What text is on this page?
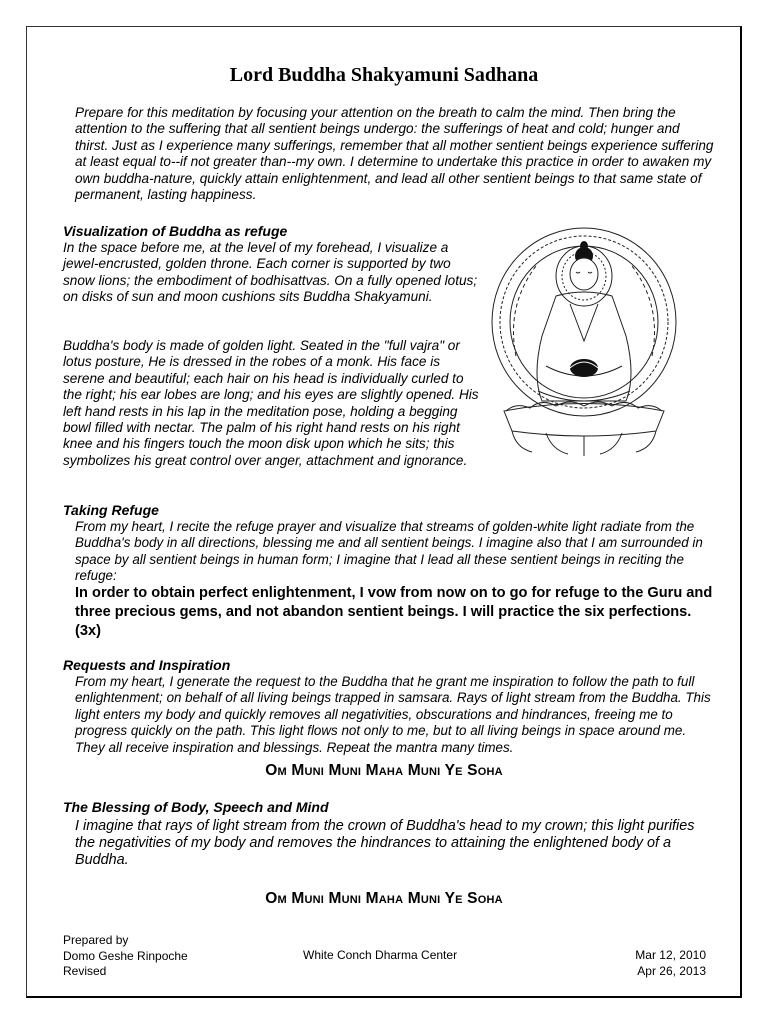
Lord Buddha Shakyamuni Sadhana
Prepare for this meditation by focusing your attention on the breath to calm the mind. Then bring the attention to the suffering that all sentient beings undergo: the sufferings of heat and cold; hunger and thirst. Just as I experience many sufferings, remember that all mother sentient beings experience suffering at least equal to--if not greater than--my own. I determine to undertake this practice in order to awaken my own buddha-nature, quickly attain enlightenment, and lead all other sentient beings to that same state of permanent, lasting happiness.
Visualization of Buddha as refuge
In the space before me, at the level of my forehead, I visualize a jewel-encrusted, golden throne. Each corner is supported by two snow lions; the embodiment of bodhisattvas. On a fully opened lotus; on disks of sun and moon cushions sits Buddha Shakyamuni.
Buddha's body is made of golden light. Seated in the "full vajra" or lotus posture, He is dressed in the robes of a monk. His face is serene and beautiful; each hair on his head is individually curled to the right; his ear lobes are long; and his eyes are slightly opened. His left hand rests in his lap in the meditation pose, holding a begging bowl filled with nectar. The palm of his right hand rests on his right knee and his fingers touch the moon disk upon which he sits; this symbolizes his great control over anger, attachment and ignorance.
Taking Refuge
From my heart, I recite the refuge prayer and visualize that streams of golden-white light radiate from the Buddha's body in all directions, blessing me and all sentient beings. I imagine also that I am surrounded in space by all sentient beings in human form; I imagine that I lead all these sentient beings in reciting the refuge:
In order to obtain perfect enlightenment, I vow from now on to go for refuge to the Guru and three precious gems, and not abandon sentient beings. I will practice the six perfections. (3x)
Requests and Inspiration
From my heart, I generate the request to the Buddha that he grant me inspiration to follow the path to full enlightenment; on behalf of all living beings trapped in samsara. Rays of light stream from the Buddha. This light enters my body and quickly removes all negativities, obscurations and hindrances, freeing me to progress quickly on the path. This light flows not only to me, but to all living beings in space around me. They all receive inspiration and blessings. Repeat the mantra many times.
Om Muni Muni Maha Muni Ye Soha
The Blessing of Body, Speech and Mind
I imagine that rays of light stream from the crown of Buddha's head to my crown; this light purifies the negativities of my body and removes the hindrances to attaining the enlightened body of a Buddha.
Om Muni Muni Maha Muni Ye Soha
Prepared by
Domo Geshe Rinpoche
Revised
White Conch Dharma Center	Mar 12, 2010
Apr 26, 2013
